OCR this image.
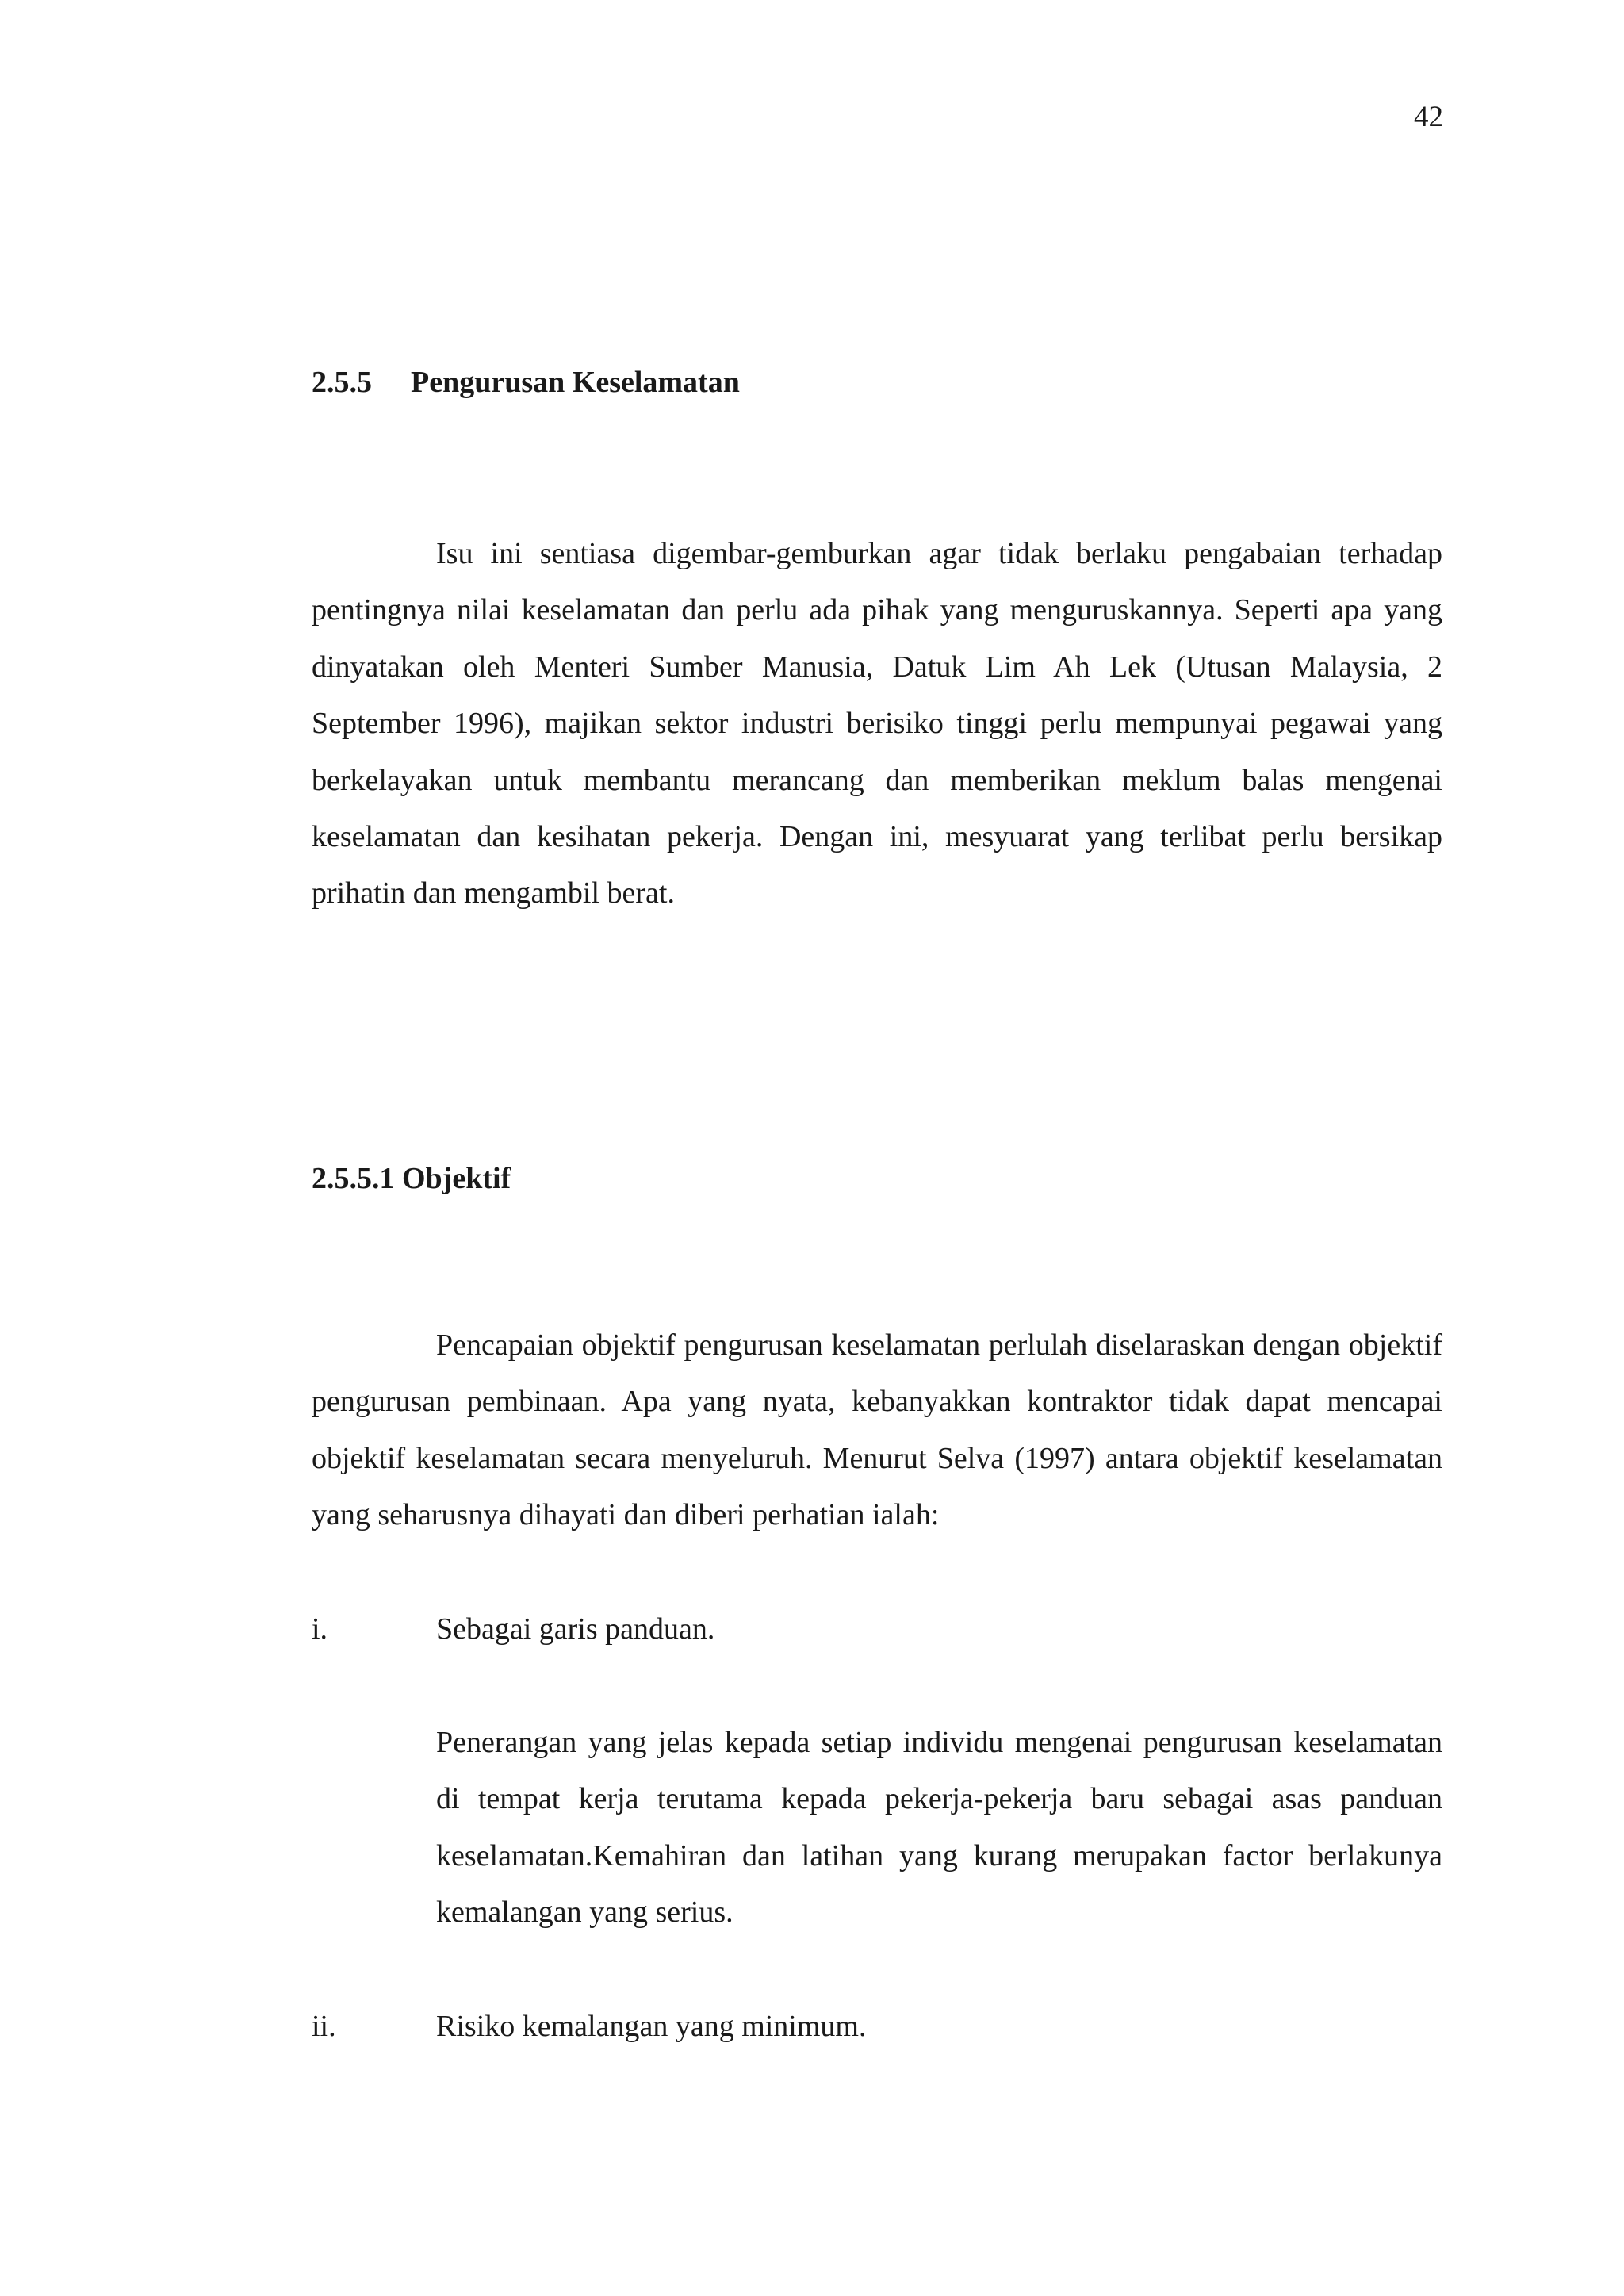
42
2.5.5 Pengurusan Keselamatan

Isu ini sentiasa digembar-gemburkan agar tidak berlaku pengabaian terhadap pentingnya nilai keselamatan dan perlu ada pihak yang menguruskannya. Seperti apa yang dinyatakan oleh Menteri Sumber Manusia, Datuk Lim Ah Lek (Utusan Malaysia, 2 September 1996), majikan sektor industri berisiko tinggi perlu mempunyai pegawai yang berkelayakan untuk membantu merancang dan memberikan meklum balas mengenai keselamatan dan kesihatan pekerja. Dengan ini, mesyuarat yang terlibat perlu bersikap prihatin dan mengambil berat.

2.5.5.1 Objektif

Pencapaian objektif pengurusan keselamatan perlulah diselaraskan dengan objektif pengurusan pembinaan. Apa yang nyata, kebanyakkan kontraktor tidak dapat mencapai objektif keselamatan secara menyeluruh. Menurut Selva (1997) antara objektif keselamatan yang seharusnya dihayati dan diberi perhatian ialah:

i.	Sebagai garis panduan.

Penerangan yang jelas kepada setiap individu mengenai pengurusan keselamatan di tempat kerja terutama kepada pekerja-pekerja baru sebagai asas panduan keselamatan.Kemahiran dan latihan yang kurang merupakan factor berlakunya kemalangan yang serius.

ii.	Risiko kemalangan yang minimum.
